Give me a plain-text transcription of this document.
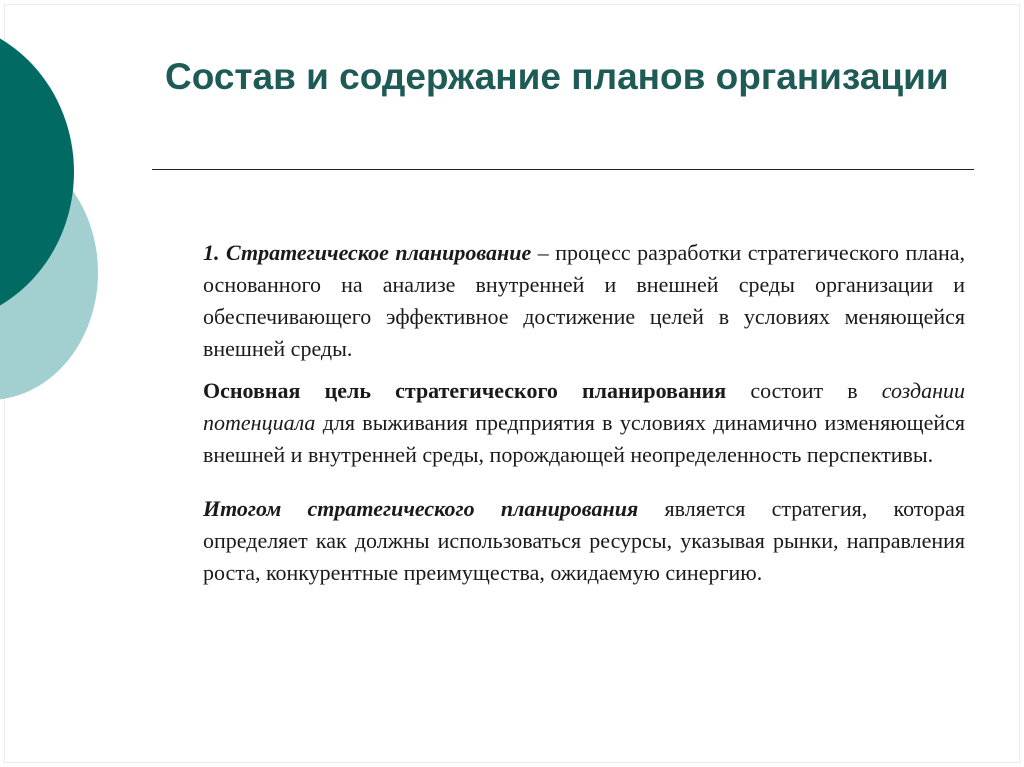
Состав и содержание планов организации

1. Стратегическое планирование – процесс разработки стратегического плана, основанного на анализе внутренней и внешней среды организации и обеспечивающего эффективное достижение целей в условиях меняющейся внешней среды.

Основная цель стратегического планирования состоит в создании потенциала для выживания предприятия в условиях динамично изменяющейся внешней и внутренней среды, порождающей неопределенность перспективы.

Итогом стратегического планирования является стратегия, которая определяет как должны использоваться ресурсы, указывая рынки, направления роста, конкурентные преимущества, ожидаемую синергию.
